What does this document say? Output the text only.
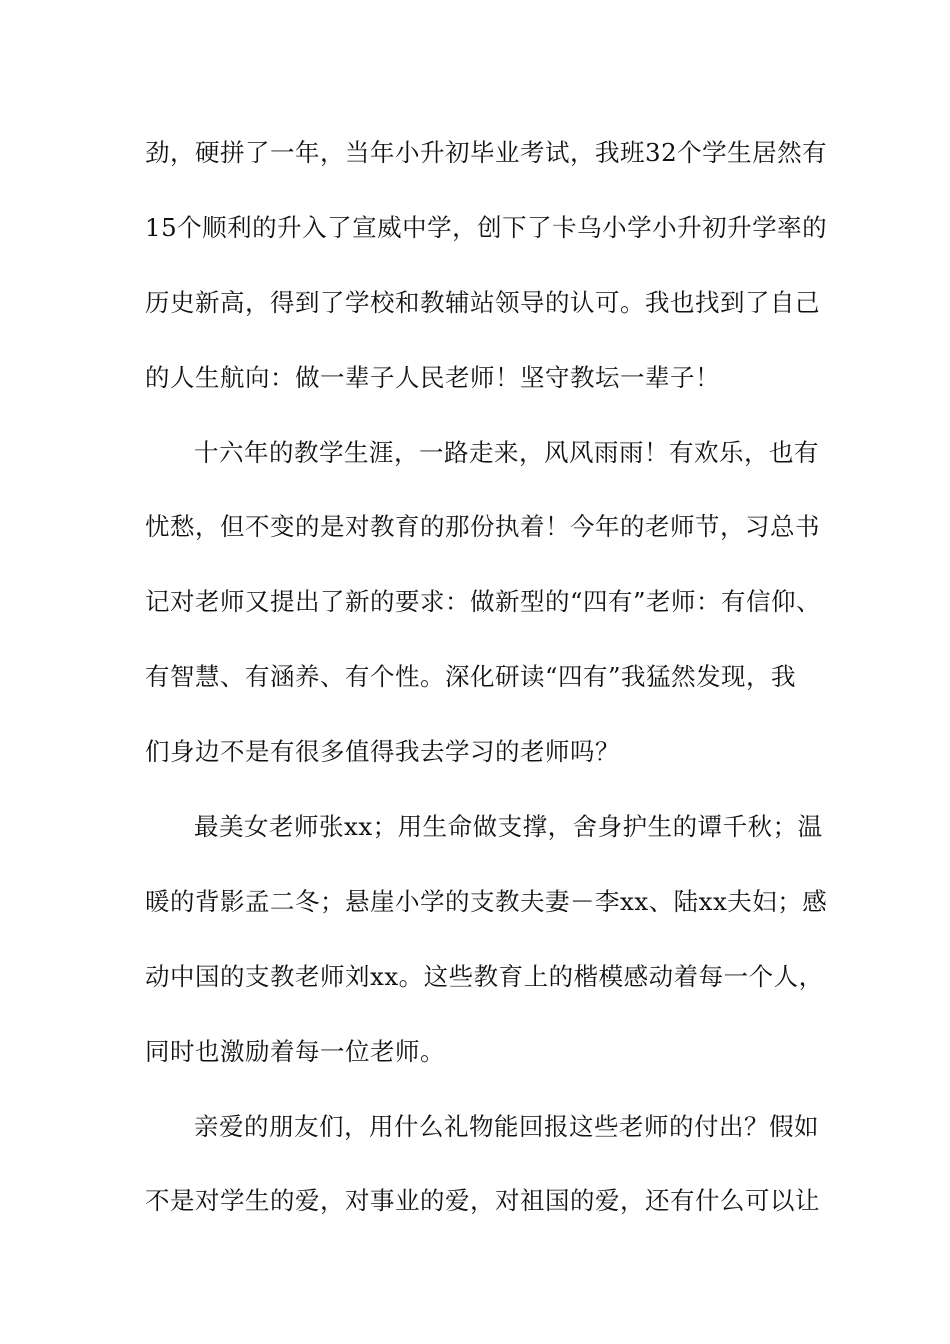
劲，硬拼了一年，当年小升初毕业考试，我班32个学生居然有
15个顺利的升入了宣威中学，创下了卡乌小学小升初升学率的
历史新高，得到了学校和教辅站领导的认可。我也找到了自己
的人生航向：做一辈子人民老师！坚守教坛一辈子！
十六年的教学生涯，一路走来，风风雨雨！有欢乐，也有
忧愁，但不变的是对教育的那份执着！今年的老师节，习总书
记对老师又提出了新的要求：做新型的“四有”老师：有信仰、
有智慧、有涵养、有个性。深化研读“四有”我猛然发现，我
们身边不是有很多值得我去学习的老师吗？
最美女老师张xx；用生命做支撑，舍身护生的谭千秋；温
暖的背影孟二冬；悬崖小学的支教夫妻－李xx、陆xx夫妇；感
动中国的支教老师刘xx。这些教育上的楷模感动着每一个人，
同时也激励着每一位老师。
亲爱的朋友们，用什么礼物能回报这些老师的付出？假如
不是对学生的爱，对事业的爱，对祖国的爱，还有什么可以让
